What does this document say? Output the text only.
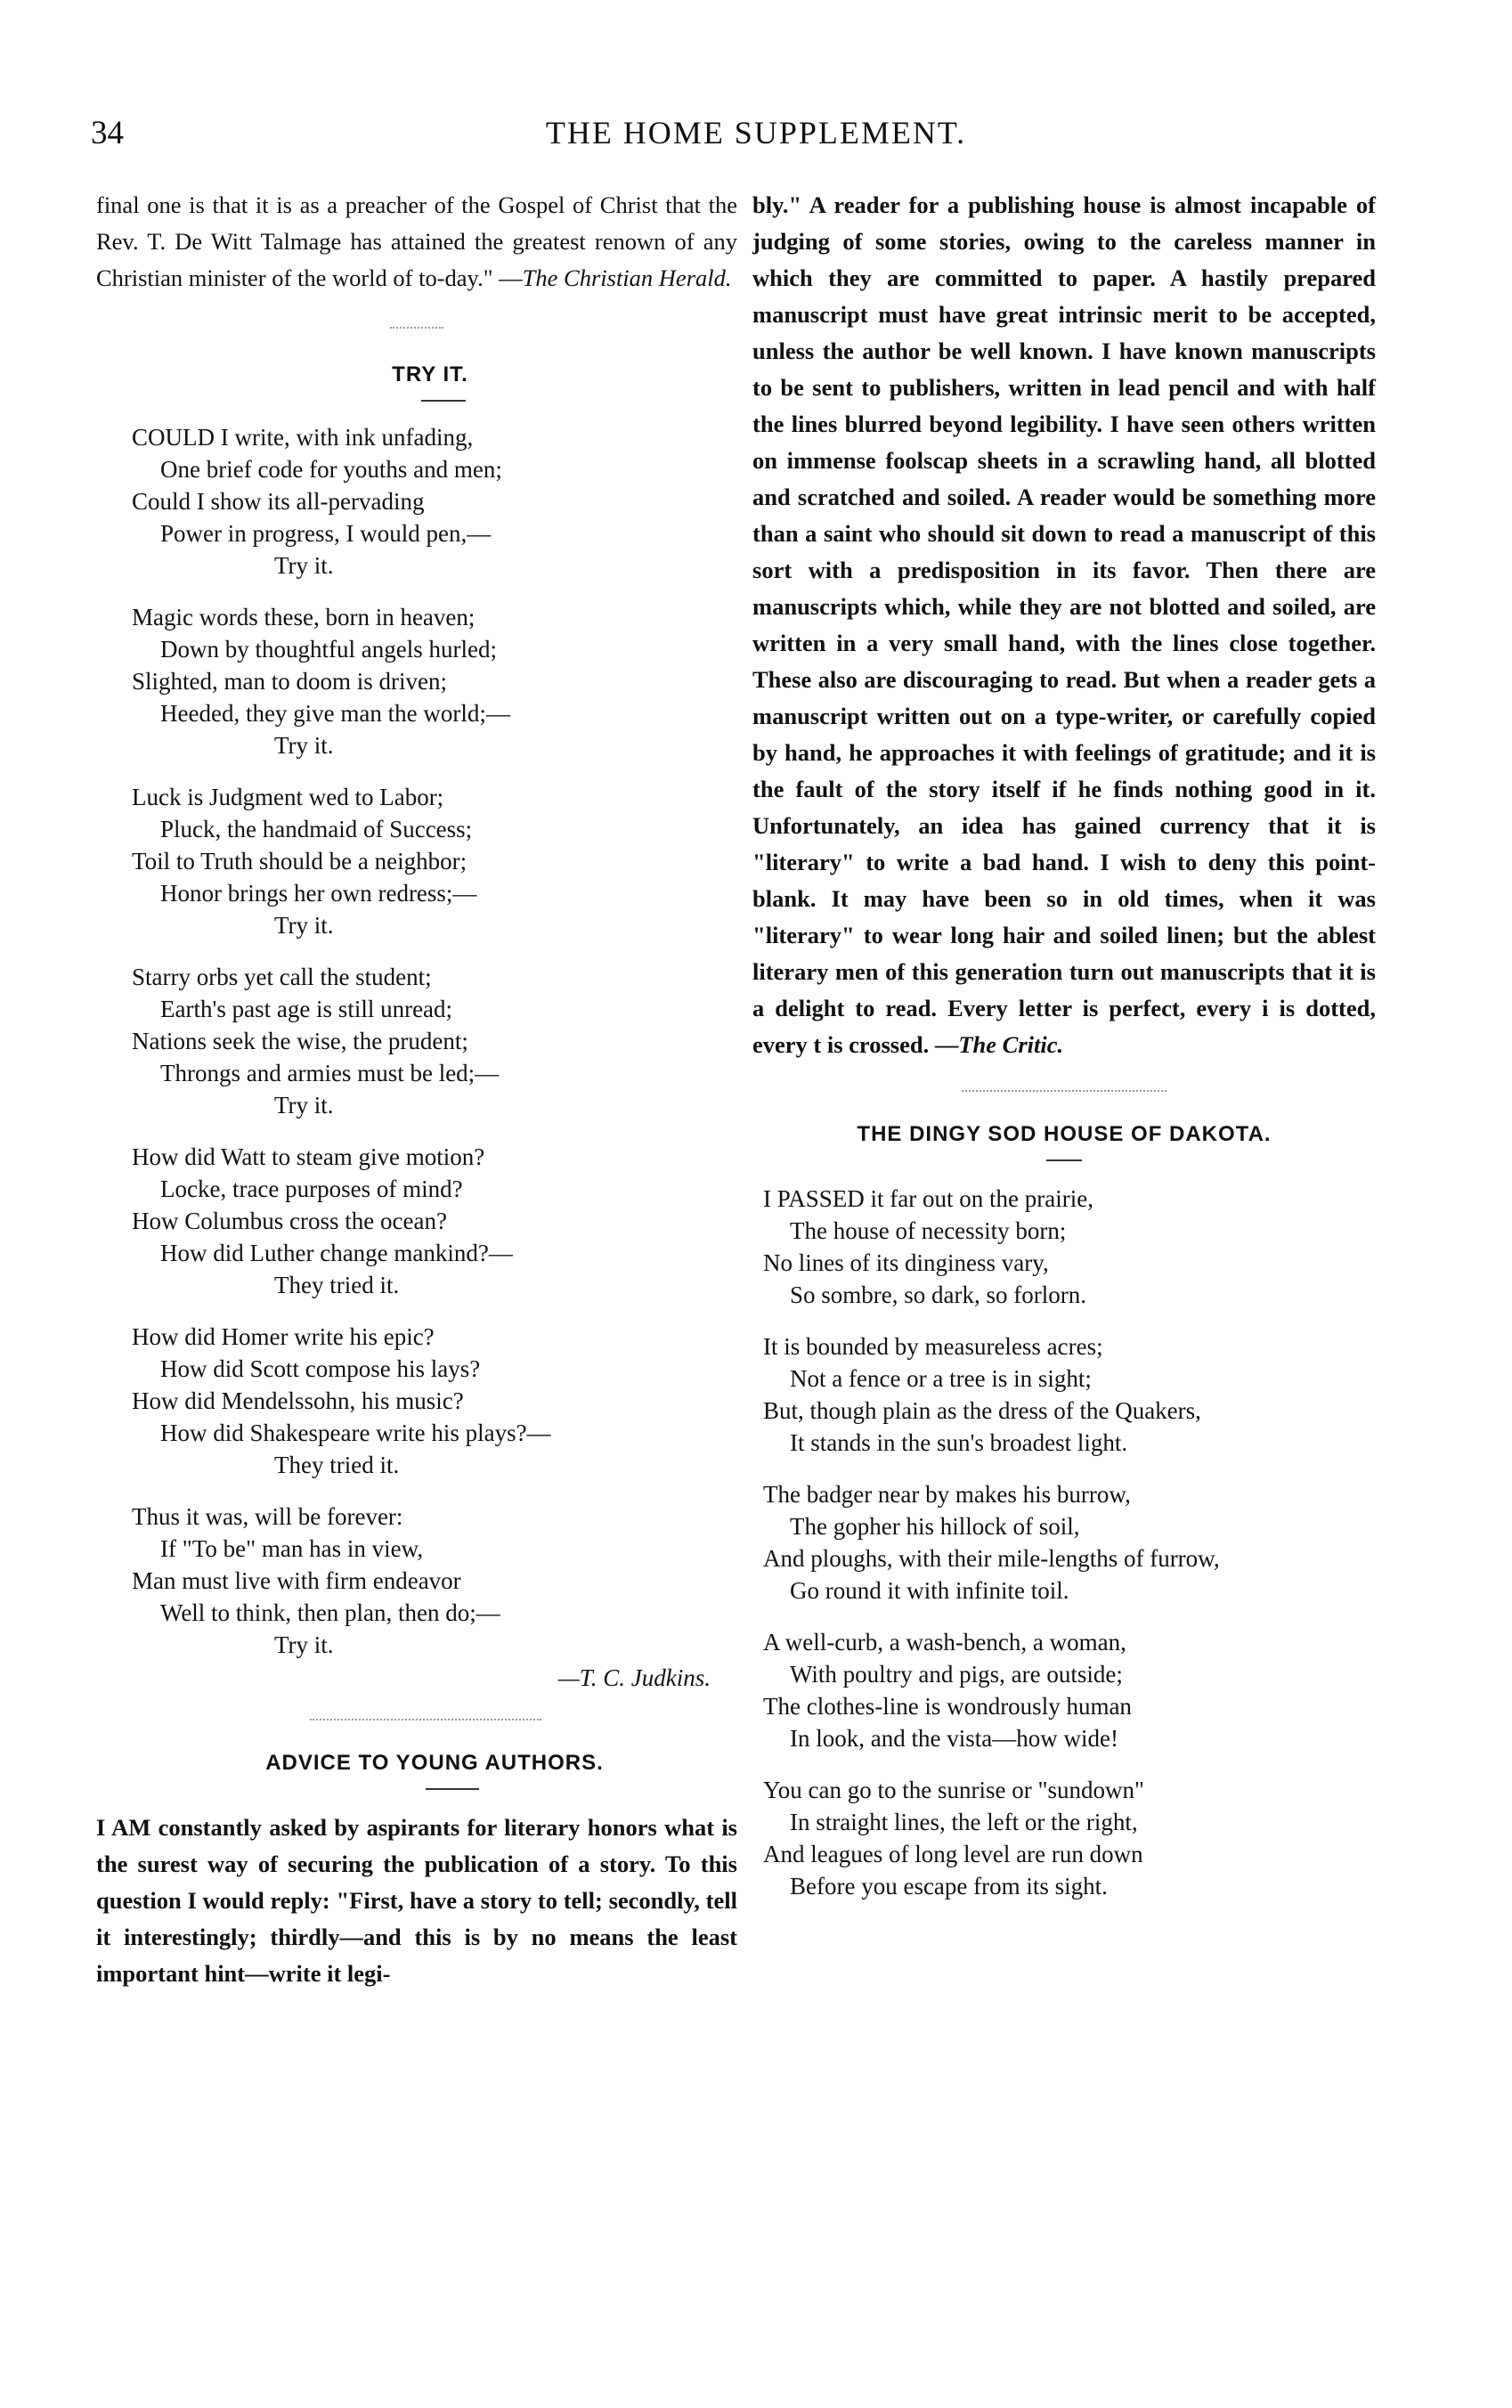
34	THE HOME SUPPLEMENT.

final one is that it is as a preacher of the Gospel of Christ that the Rev. T. De Witt Talmage has attained the greatest renown of any Christian minister of the world of to-day." —The Christian Herald.

TRY IT.
COULD I write, with ink unfading,
One brief code for youths and men;
Could I show its all-pervading
Power in progress, I would pen,—
Try it.
Magic words these, born in heaven;
Down by thoughtful angels hurled;
Slighted, man to doom is driven;
Heeded, they give man the world;—
Try it.
Luck is Judgment wed to Labor;
Pluck, the handmaid of Success;
Toil to Truth should be a neighbor;
Honor brings her own redress;—
Try it.
Starry orbs yet call the student;
Earth's past age is still unread;
Nations seek the wise, the prudent;
Throngs and armies must be led;—
Try it.
How did Watt to steam give motion?
Locke, trace purposes of mind?
How Columbus cross the ocean?
How did Luther change mankind?—
They tried it.
How did Homer write his epic?
How did Scott compose his lays?
How did Mendelssohn, his music?
How did Shakespeare write his plays?—
They tried it.
Thus it was, will be forever:
If "To be" man has in view,
Man must live with firm endeavor
Well to think, then plan, then do;—
Try it.
—T. C. Judkins.
ADVICE TO YOUNG AUTHORS.

I AM constantly asked by aspirants for literary honors what is the surest way of securing the publication of a story. To this question I would reply: "First, have a story to tell; secondly, tell it interestingly; thirdly—and this is by no means the least important hint—write it legi-

bly." A reader for a publishing house is almost incapable of judging of some stories, owing to the careless manner in which they are committed to paper. A hastily prepared manuscript must have great intrinsic merit to be accepted, unless the author be well known. I have known manuscripts to be sent to publishers, written in lead pencil and with half the lines blurred beyond legibility. I have seen others written on immense foolscap sheets in a scrawling hand, all blotted and scratched and soiled. A reader would be something more than a saint who should sit down to read a manuscript of this sort with a predisposition in its favor. Then there are manuscripts which, while they are not blotted and soiled, are written in a very small hand, with the lines close together. These also are discouraging to read. But when a reader gets a manuscript written out on a type-writer, or carefully copied by hand, he approaches it with feelings of gratitude; and it is the fault of the story itself if he finds nothing good in it. Unfortunately, an idea has gained currency that it is "literary" to write a bad hand. I wish to deny this point-blank. It may have been so in old times, when it was "literary" to wear long hair and soiled linen; but the ablest literary men of this generation turn out manuscripts that it is a delight to read. Every letter is perfect, every i is dotted, every t is crossed. —The Critic.

THE DINGY SOD HOUSE OF DAKOTA.
I PASSED it far out on the prairie,
The house of necessity born;
No lines of its dinginess vary,
So sombre, so dark, so forlorn.
It is bounded by measureless acres;
Not a fence or a tree is in sight;
But, though plain as the dress of the Quakers,
It stands in the sun's broadest light.
The badger near by makes his burrow,
The gopher his hillock of soil,
And ploughs, with their mile-lengths of furrow,
Go round it with infinite toil.
A well-curb, a wash-bench, a woman,
With poultry and pigs, are outside;
The clothes-line is wondrously human
In look, and the vista—how wide!
You can go to the sunrise or "sundown"
In straight lines, the left or the right,
And leagues of long level are run down
Before you escape from its sight.
